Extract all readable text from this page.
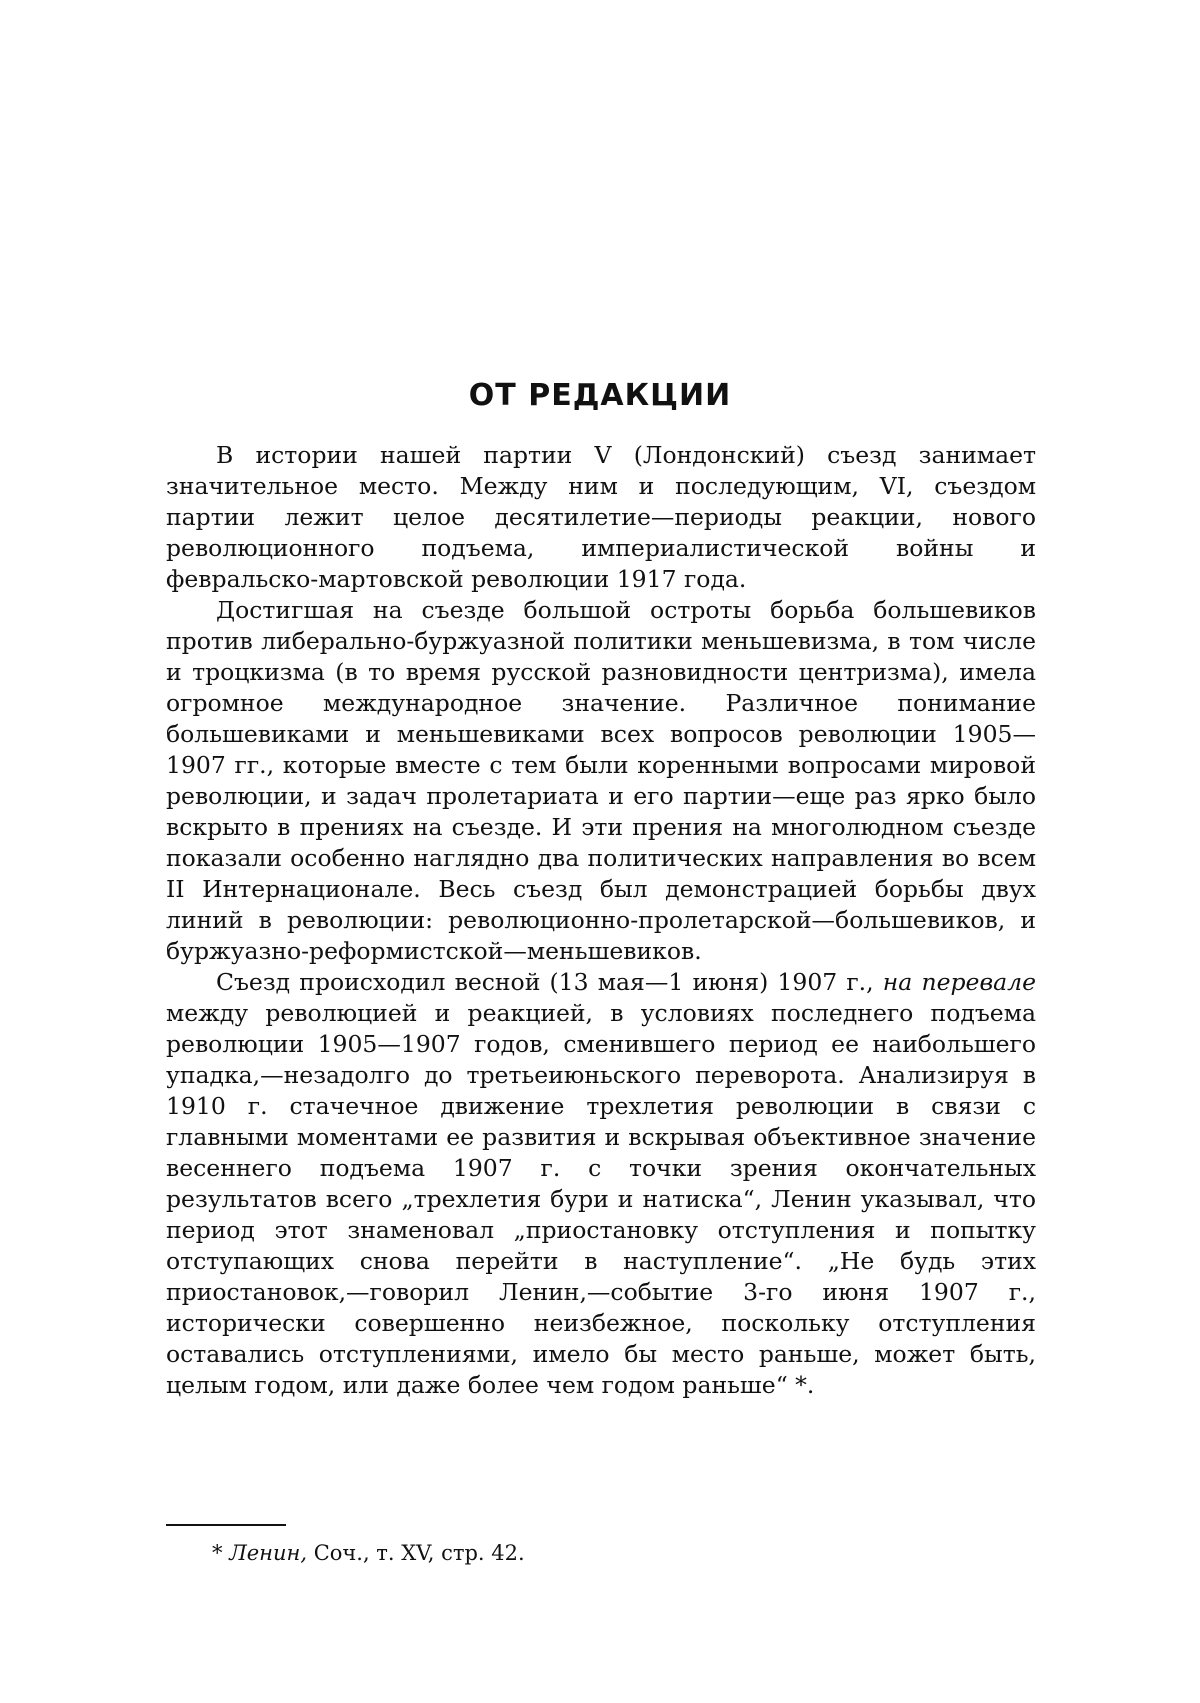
ОТ РЕДАКЦИИ

В истории нашей партии V (Лондонский) съезд занимает значительное место. Между ним и последующим, VI, съездом партии лежит целое десятилетие—периоды реакции, нового революционного подъема, империалистической войны и февральско-мартовской революции 1917 года.

Достигшая на съезде большой остроты борьба большевиков против либерально-буржуазной политики меньшевизма, в том числе и троцкизма (в то время русской разновидности центризма), имела огромное международное значение. Различное понимание большевиками и меньшевиками всех вопросов революции 1905—1907 гг., которые вместе с тем были коренными вопросами мировой революции, и задач пролетариата и его партии—еще раз ярко было вскрыто в прениях на съезде. И эти прения на многолюдном съезде показали особенно наглядно два политических направления во всем II Интернационале. Весь съезд был демонстрацией борьбы двух линий в революции: революционно-пролетарской—большевиков, и буржуазно-реформистской—меньшевиков.

Съезд происходил весной (13 мая—1 июня) 1907 г., на перевале между революцией и реакцией, в условиях последнего подъема революции 1905—1907 годов, сменившего период ее наибольшего упадка,—незадолго до третьеиюньского переворота. Анализируя в 1910 г. стачечное движение трехлетия революции в связи с главными моментами ее развития и вскрывая объективное значение весеннего подъема 1907 г. с точки зрения окончательных результатов всего „трехлетия бури и натиска“, Ленин указывал, что период этот знаменовал „приостановку отступления и попытку отступающих снова перейти в наступление“. „Не будь этих приостановок,—говорил Ленин,—событие 3-го июня 1907 г., исторически совершенно неизбежное, поскольку отступления оставались отступлениями, имело бы место раньше, может быть, целым годом, или даже более чем годом раньше“ *.

* Ленин, Соч., т. XV, стр. 42.
